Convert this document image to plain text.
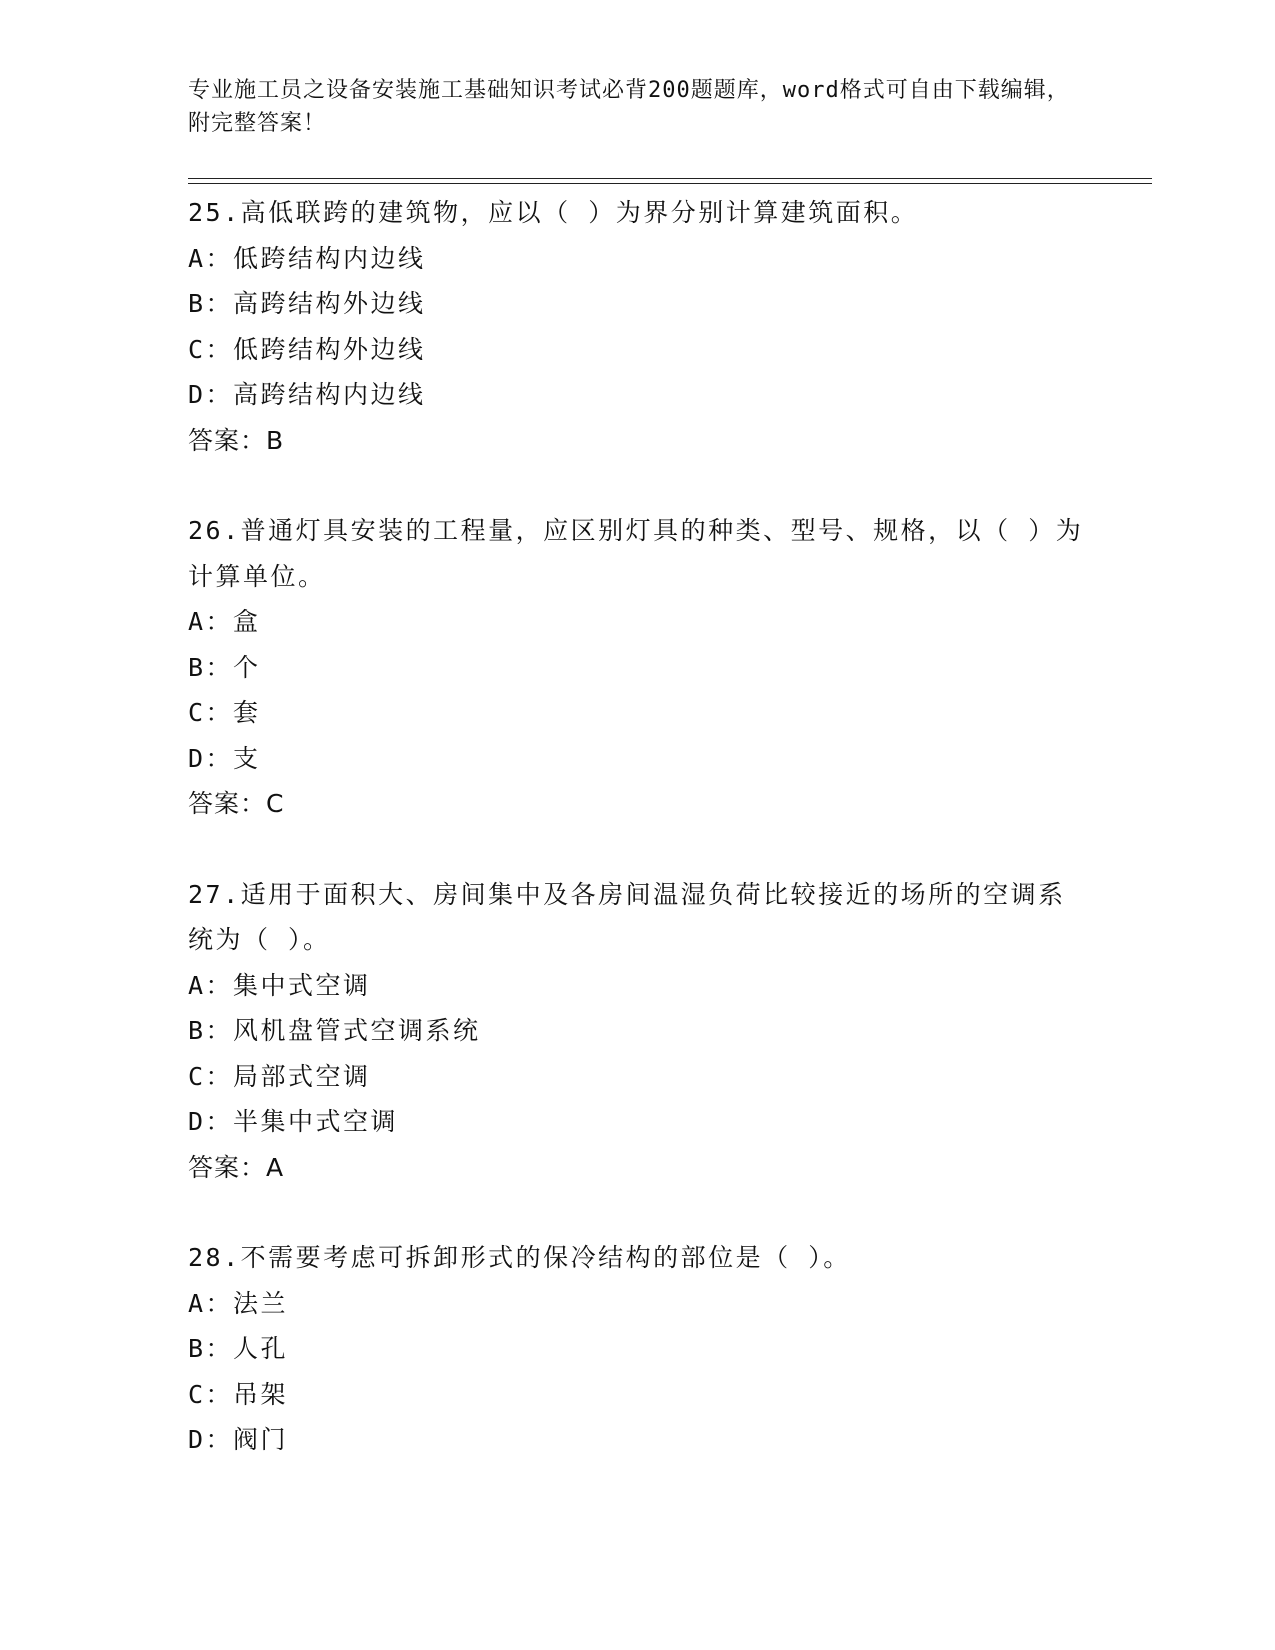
专业施工员之设备安装施工基础知识考试必背200题题库，word格式可自由下载编辑，附完整答案！
25.高低联跨的建筑物，应以（ ）为界分别计算建筑面积。
A：低跨结构内边线
B：高跨结构外边线
C：低跨结构外边线
D：高跨结构内边线
答案：B
26.普通灯具安装的工程量，应区别灯具的种类、型号、规格，以（ ）为计算单位。
A：盒
B：个
C：套
D：支
答案：C
27.适用于面积大、房间集中及各房间温湿负荷比较接近的场所的空调系统为（ ）。
A：集中式空调
B：风机盘管式空调系统
C：局部式空调
D：半集中式空调
答案：A
28.不需要考虑可拆卸形式的保冷结构的部位是（ ）。
A：法兰
B：人孔
C：吊架
D：阀门
